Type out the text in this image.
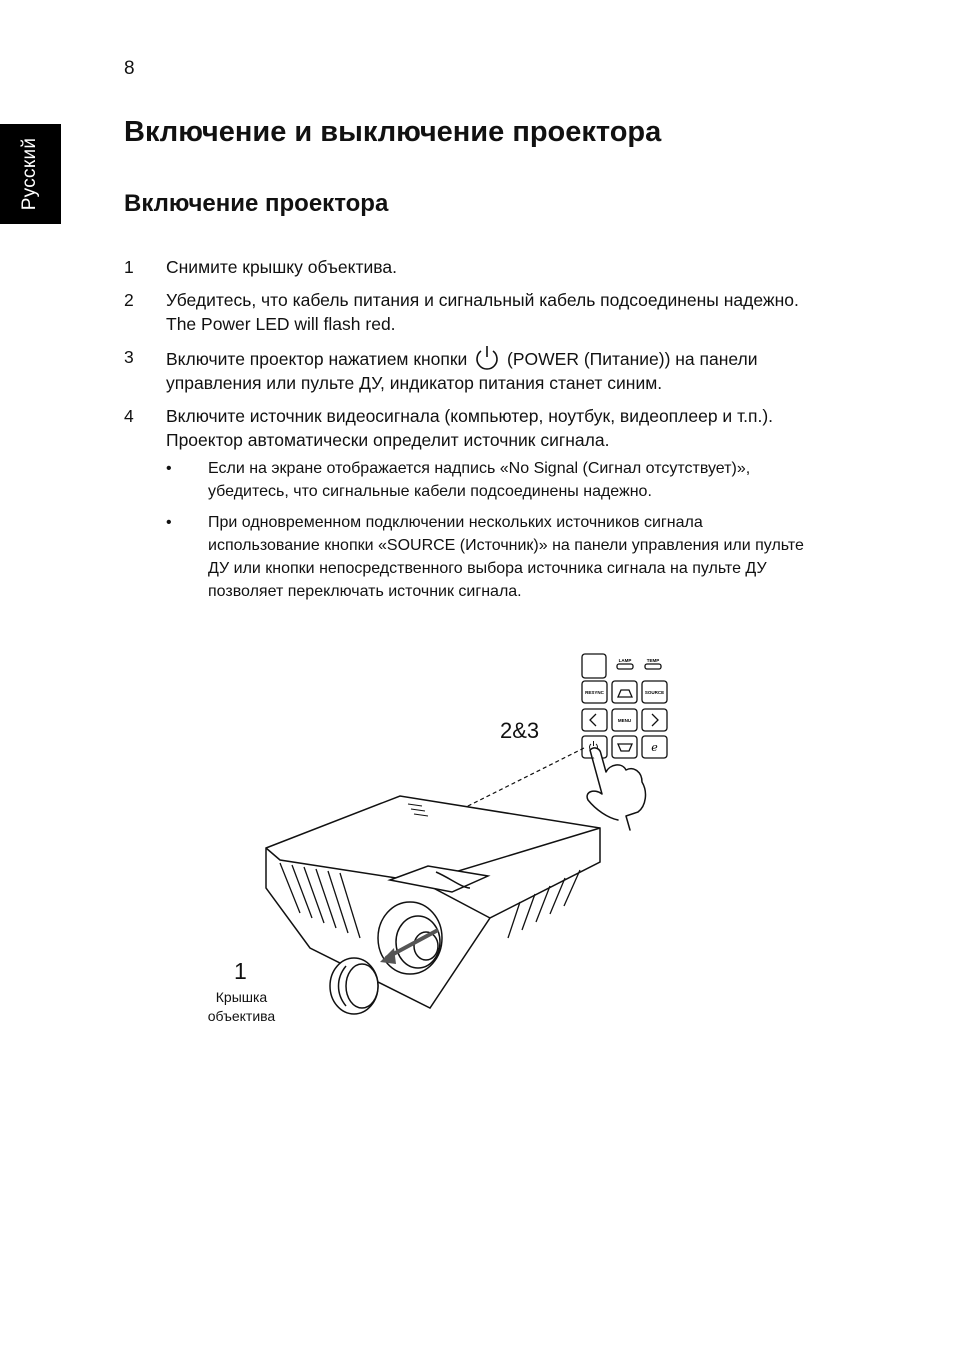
8
Русский
Включение и выключение проектора
Включение проектора
1 Снимите крышку объектива.
2 Убедитесь, что кабель питания и сигнальный кабель подсоединены надежно. The Power LED will flash red.
3 Включите проектор нажатием кнопки (POWER (Питание)) на панели управления или пульте ДУ, индикатор питания станет синим.
4 Включите источник видеосигнала (компьютер, ноутбук, видеоплеер и т.п.). Проектор автоматически определит источник сигнала.
• Если на экране отображается надпись «No Signal (Сигнал отсутствует)», убедитесь, что сигнальные кабели подсоединены надежно.
• При одновременном подключении нескольких источников сигнала использование кнопки «SOURCE (Источник)» на панели управления или пульте ДУ или кнопки непосредственного выбора источника сигнала на пульте ДУ позволяет переключать источник сигнала.
LAMP	TEMP
RESYNC	SOURCE
MENU
e
2&3
1
Крышка объектива
